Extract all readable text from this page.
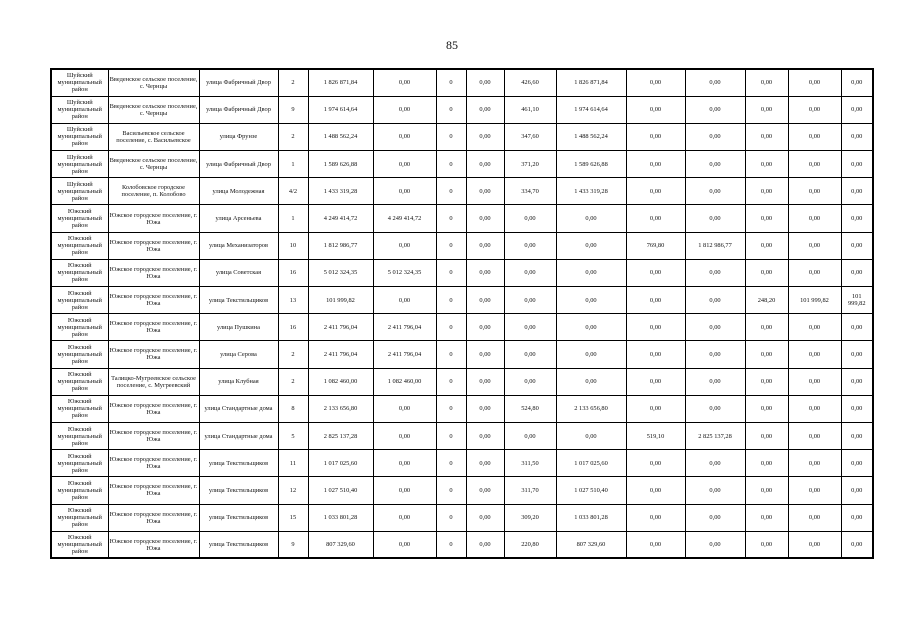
85
Шуйский муниципальный район	Введенское сельское поселение, с. Чернцы	улица Фабричный Двор	2	1 826 871,84	0,00	0	0,00	426,60	1 826 871,84	0,00	0,00	0,00	0,00	0,00
Шуйский муниципальный район	Введенское сельское поселение, с. Чернцы	улица Фабричный Двор	9	1 974 614,64	0,00	0	0,00	461,10	1 974 614,64	0,00	0,00	0,00	0,00	0,00
Шуйский муниципальный район	Васильевское сельское поселение, с. Васильевское	улица Фрунзе	2	1 488 562,24	0,00	0	0,00	347,60	1 488 562,24	0,00	0,00	0,00	0,00	0,00
Шуйский муниципальный район	Введенское сельское поселение, с. Чернцы	улица Фабричный Двор	1	1 589 626,88	0,00	0	0,00	371,20	1 589 626,88	0,00	0,00	0,00	0,00	0,00
Шуйский муниципальный район	Колобовское городское поселение, п. Колобово	улица Молодежная	4/2	1 433 319,28	0,00	0	0,00	334,70	1 433 319,28	0,00	0,00	0,00	0,00	0,00
Южский муниципальный район	Южское городское поселение, г. Южа	улица Арсеньева	1	4 249 414,72	4 249 414,72	0	0,00	0,00	0,00	0,00	0,00	0,00	0,00	0,00
Южский муниципальный район	Южское городское поселение, г. Южа	улица Механизаторов	10	1 812 986,77	0,00	0	0,00	0,00	0,00	769,80	1 812 986,77	0,00	0,00	0,00
Южский муниципальный район	Южское городское поселение, г. Южа	улица Советская	16	5 012 324,35	5 012 324,35	0	0,00	0,00	0,00	0,00	0,00	0,00	0,00	0,00
Южский муниципальный район	Южское городское поселение, г. Южа	улица Текстильщиков	13	101 999,82	0,00	0	0,00	0,00	0,00	0,00	0,00	248,20	101 999,82	101 999,82
Южский муниципальный район	Южское городское поселение, г. Южа	улица Пушкина	16	2 411 796,04	2 411 796,04	0	0,00	0,00	0,00	0,00	0,00	0,00	0,00	0,00
Южский муниципальный район	Южское городское поселение, г. Южа	улица Серова	2	2 411 796,04	2 411 796,04	0	0,00	0,00	0,00	0,00	0,00	0,00	0,00	0,00
Южский муниципальный район	Талицко-Мугреевское сельское поселение, с. Мугреевский	улица Клубная	2	1 082 460,00	1 082 460,00	0	0,00	0,00	0,00	0,00	0,00	0,00	0,00	0,00
Южский муниципальный район	Южское городское поселение, г. Южа	улица Стандартные дома	8	2 133 656,80	0,00	0	0,00	524,80	2 133 656,80	0,00	0,00	0,00	0,00	0,00
Южский муниципальный район	Южское городское поселение, г. Южа	улица Стандартные дома	5	2 825 137,28	0,00	0	0,00	0,00	0,00	519,10	2 825 137,28	0,00	0,00	0,00
Южский муниципальный район	Южское городское поселение, г. Южа	улица Текстильщиков	11	1 017 025,60	0,00	0	0,00	311,50	1 017 025,60	0,00	0,00	0,00	0,00	0,00
Южский муниципальный район	Южское городское поселение, г. Южа	улица Текстильщиков	12	1 027 510,40	0,00	0	0,00	311,70	1 027 510,40	0,00	0,00	0,00	0,00	0,00
Южский муниципальный район	Южское городское поселение, г. Южа	улица Текстильщиков	15	1 033 801,28	0,00	0	0,00	309,20	1 033 801,28	0,00	0,00	0,00	0,00	0,00
Южский муниципальный район	Южское городское поселение, г. Южа	улица Текстильщиков	9	807 329,60	0,00	0	0,00	220,80	807 329,60	0,00	0,00	0,00	0,00	0,00
